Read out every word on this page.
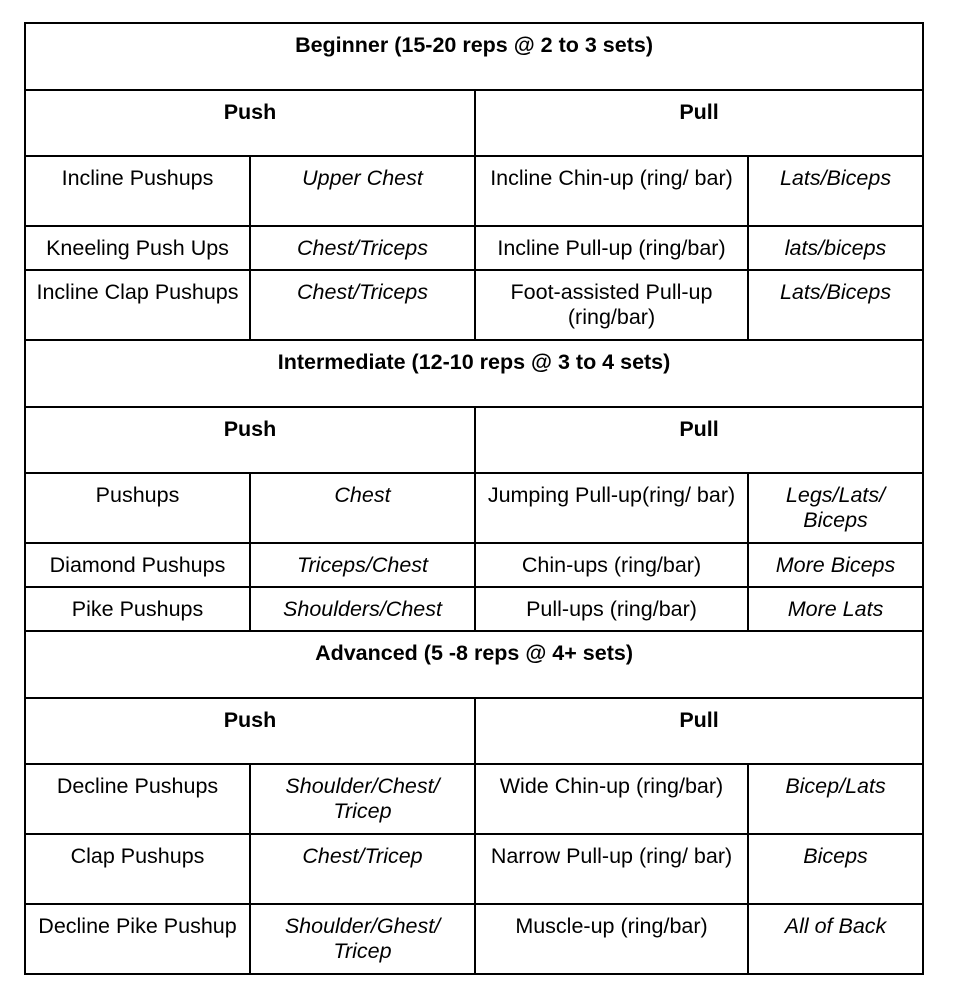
Beginner (15-20 reps @ 2 to 3 sets)			
Push		Pull	
Incline Pushups	Upper Chest	Incline Chin-up (ring/ bar)	Lats/Biceps
Kneeling Push Ups	Chest/Triceps	Incline Pull-up (ring/bar)	lats/biceps
Incline Clap Pushups	Chest/Triceps	Foot-assisted Pull-up (ring/bar)	Lats/Biceps
Intermediate (12-10 reps @ 3 to 4 sets)			
Push		Pull	
Pushups	Chest	Jumping Pull-up(ring/ bar)	Legs/Lats/ Biceps
Diamond Pushups	Triceps/Chest	Chin-ups (ring/bar)	More Biceps
Pike Pushups	Shoulders/Chest	Pull-ups (ring/bar)	More Lats
Advanced (5 -8 reps @ 4+ sets)			
Push		Pull	
Decline Pushups	Shoulder/Chest/ Tricep	Wide Chin-up (ring/bar)	Bicep/Lats
Clap Pushups	Chest/Tricep	Narrow Pull-up (ring/ bar)	Biceps
Decline Pike Pushup	Shoulder/Ghest/ Tricep	Muscle-up (ring/bar)	All of Back
